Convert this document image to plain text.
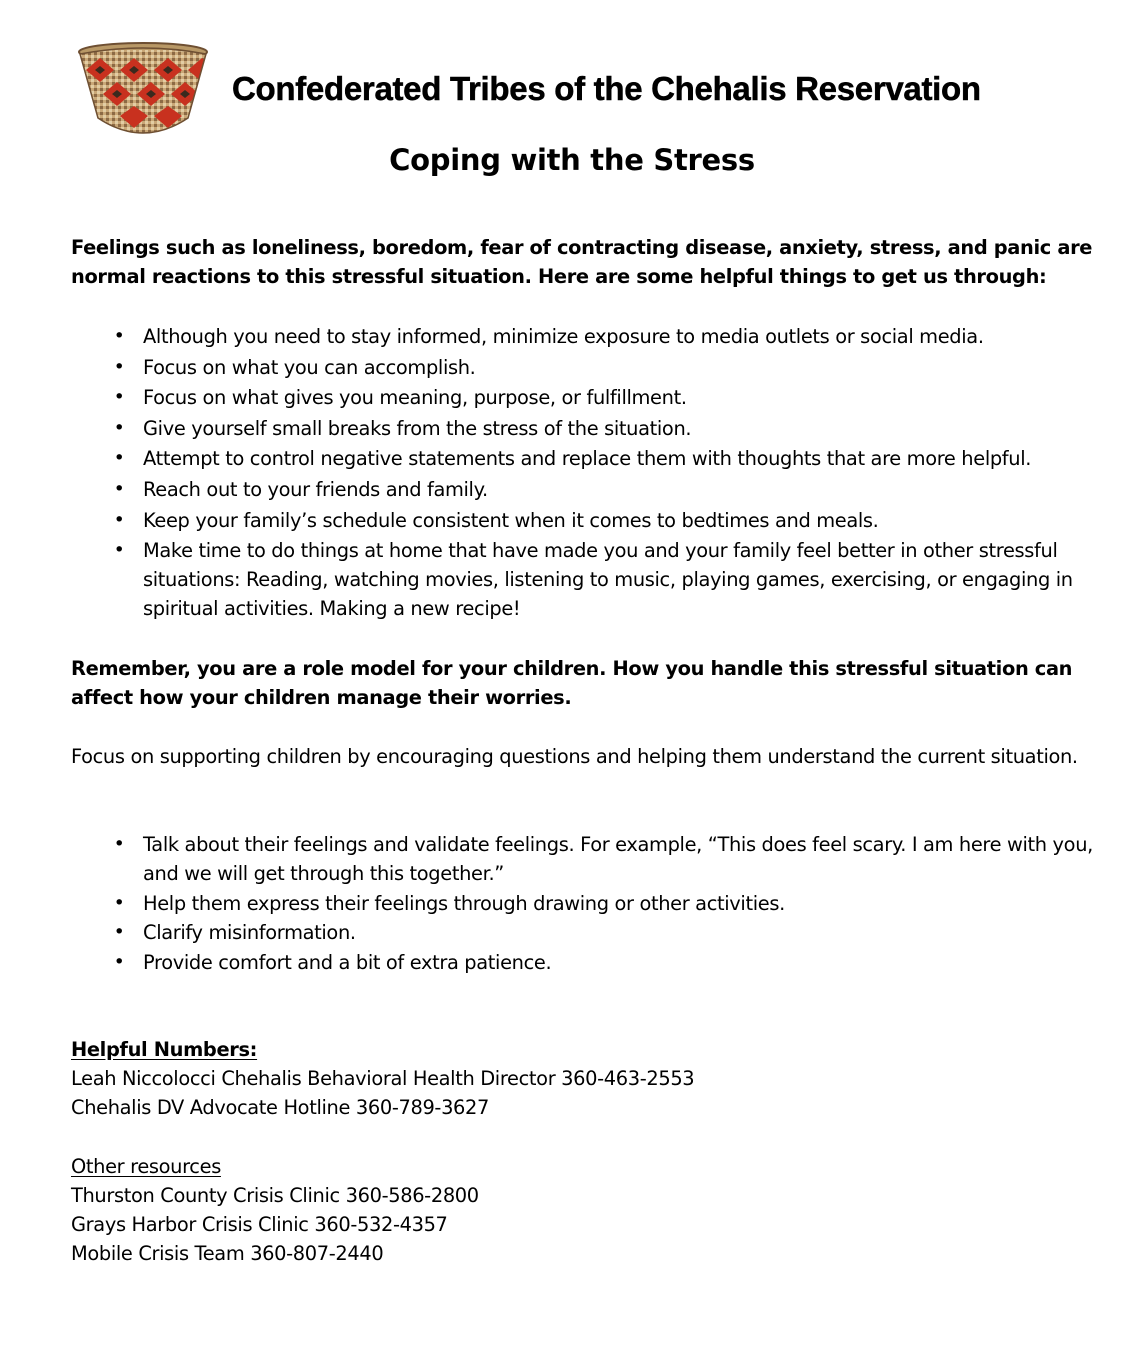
Confederated Tribes of the Chehalis Reservation
Coping with the Stress
Feelings such as loneliness, boredom, fear of contracting disease, anxiety, stress, and panic are normal reactions to this stressful situation. Here are some helpful things to get us through:
• Although you need to stay informed, minimize exposure to media outlets or social media.
• Focus on what you can accomplish.
• Focus on what gives you meaning, purpose, or fulfillment.
• Give yourself small breaks from the stress of the situation.
• Attempt to control negative statements and replace them with thoughts that are more helpful.
• Reach out to your friends and family.
• Keep your family’s schedule consistent when it comes to bedtimes and meals.
• Make time to do things at home that have made you and your family feel better in other stressful situations: Reading, watching movies, listening to music, playing games, exercising, or engaging in spiritual activities. Making a new recipe!
Remember, you are a role model for your children. How you handle this stressful situation can affect how your children manage their worries.
Focus on supporting children by encouraging questions and helping them understand the current situation.
• Talk about their feelings and validate feelings. For example, “This does feel scary. I am here with you, and we will get through this together.”
• Help them express their feelings through drawing or other activities.
• Clarify misinformation.
• Provide comfort and a bit of extra patience.
Helpful Numbers:
Leah Niccolocci Chehalis Behavioral Health Director 360-463-2553
Chehalis DV Advocate Hotline 360-789-3627
Other resources
Thurston County Crisis Clinic 360-586-2800
Grays Harbor Crisis Clinic 360-532-4357
Mobile Crisis Team 360-807-2440
